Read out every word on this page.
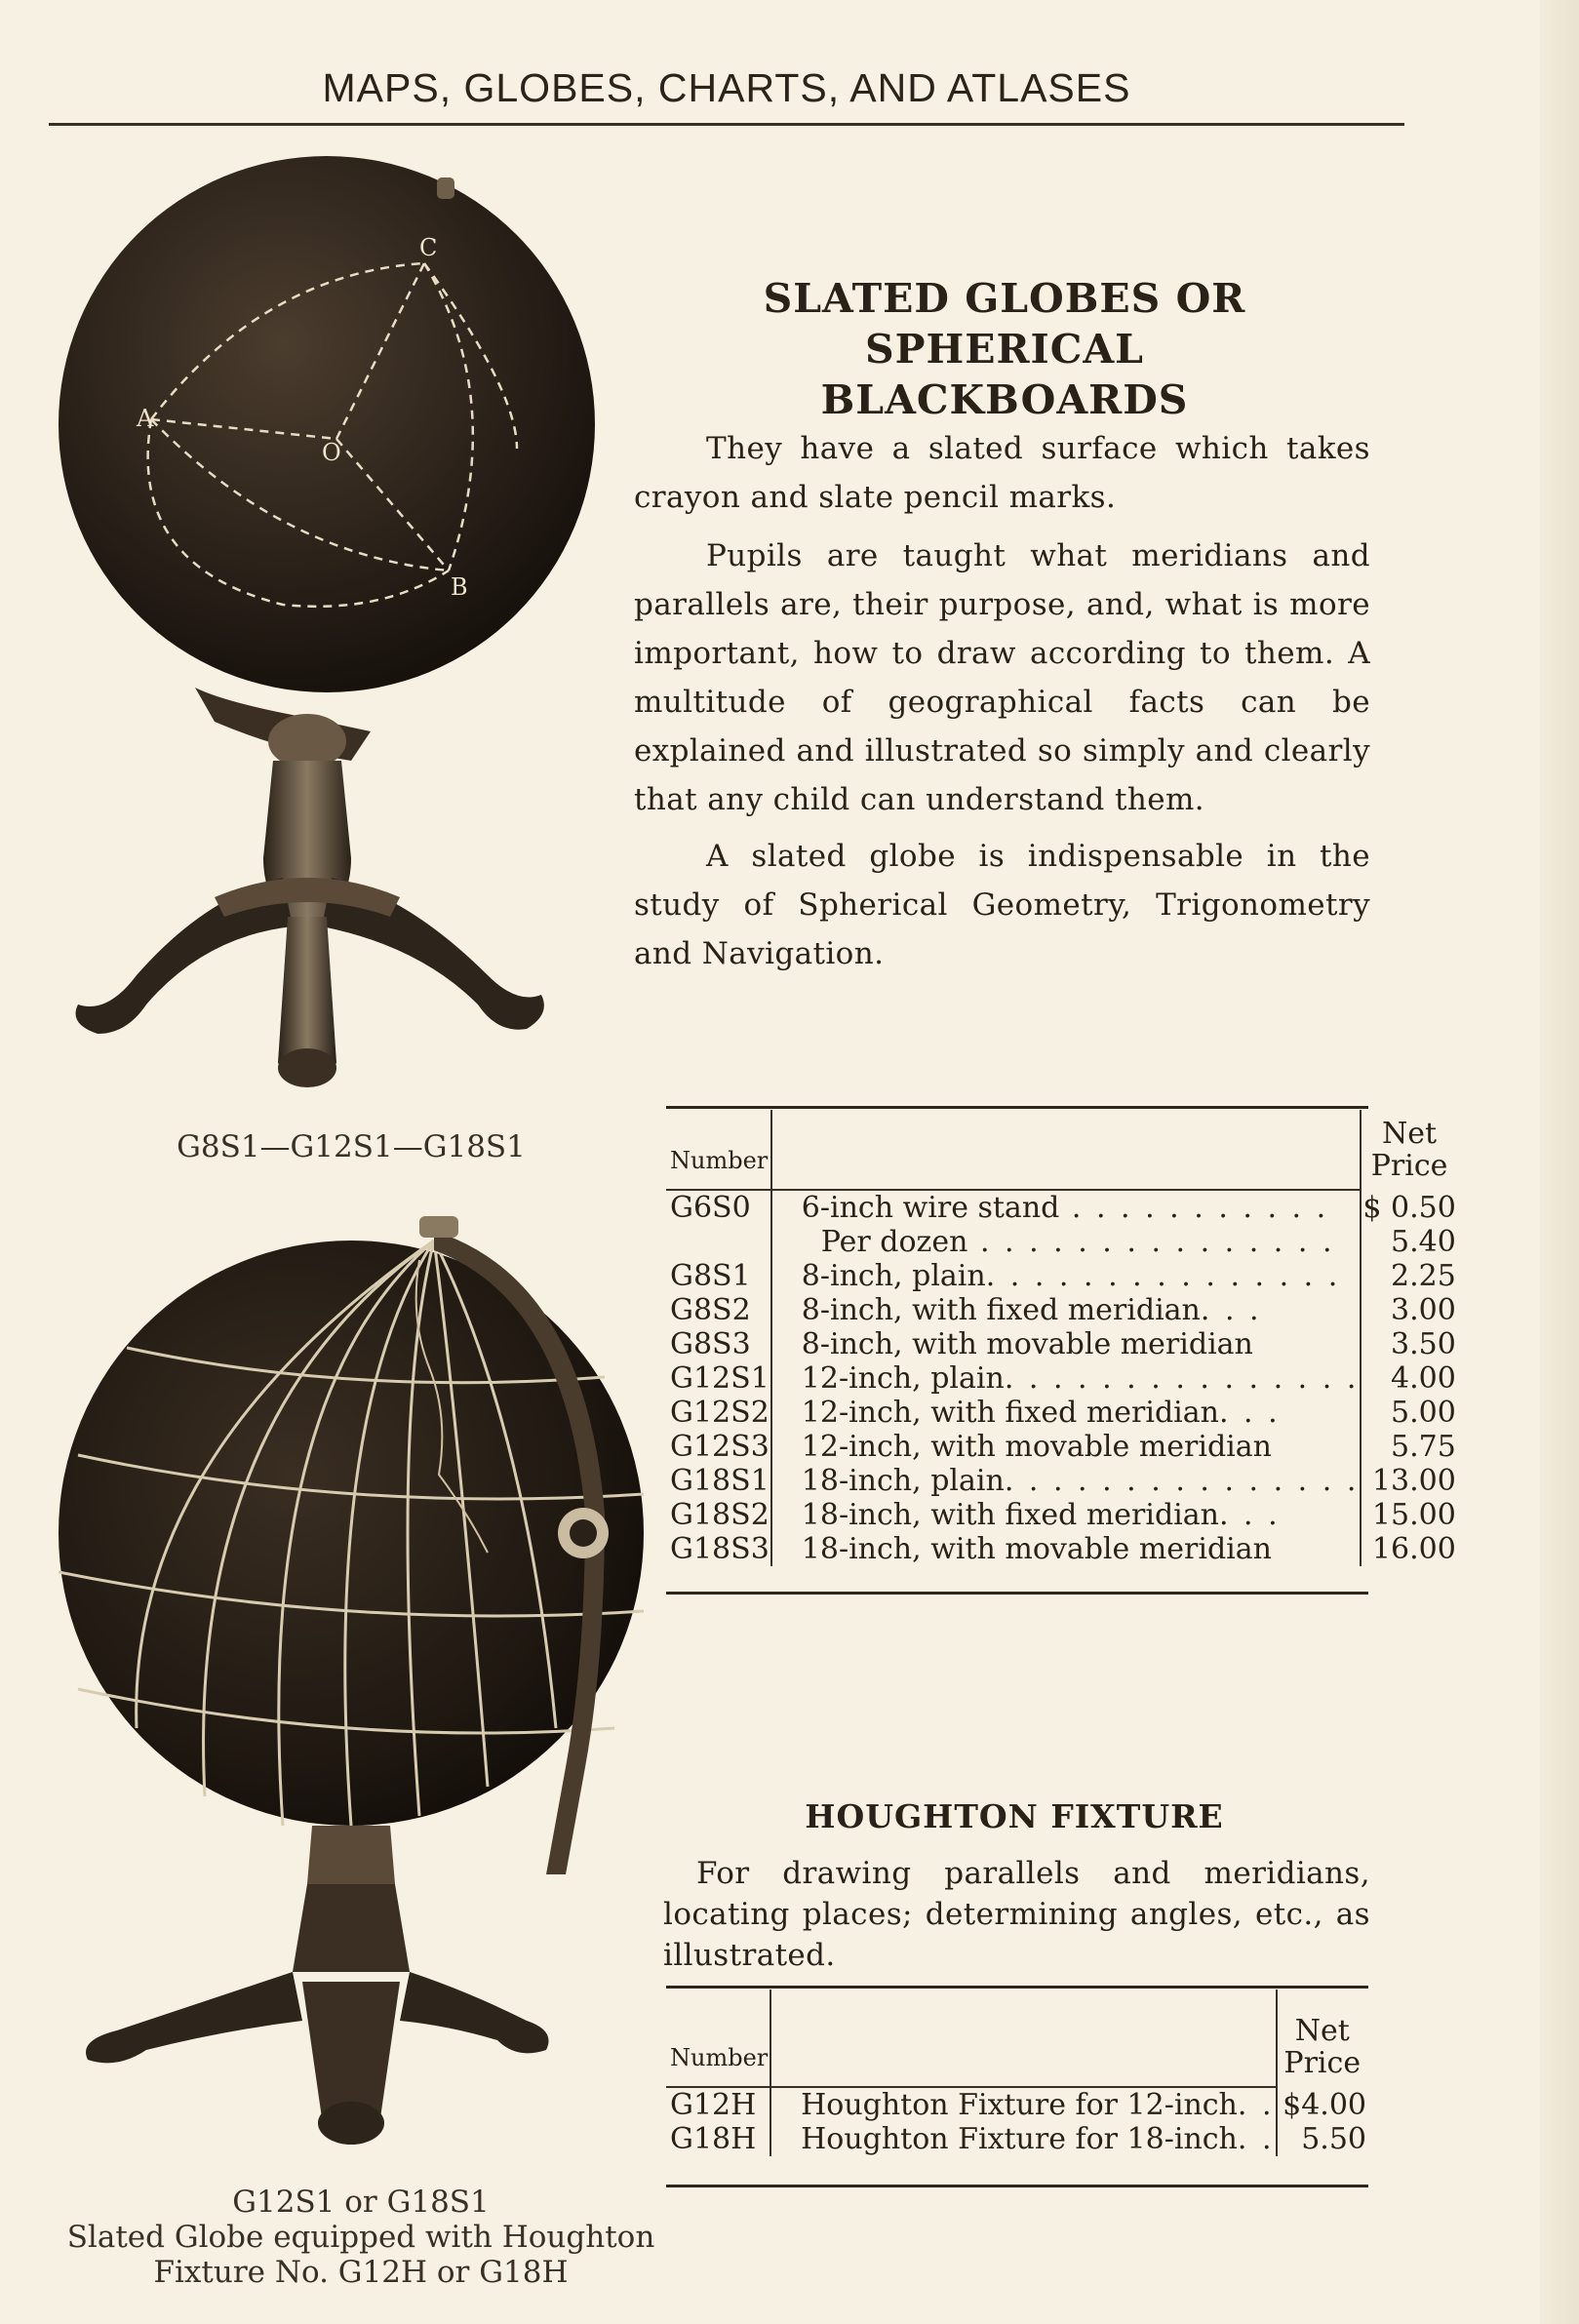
MAPS, GLOBES, CHARTS, AND ATLASES
A
O
C
B
G8S1—G12S1—G18S1
G12S1 or G18S1
Slated Globe equipped with Houghton
Fixture No. G12H or G18H
SLATED GLOBES OR SPHERICAL
BLACKBOARDS

They have a slated surface which takes crayon and slate pencil marks.

Pupils are taught what meridians and parallels are, their purpose, and, what is more important, how to draw according to them. A multitude of geographical facts can be explained and illustrated so simply and clearly that any child can understand them.

A slated globe is indispensable in the study of Spherical Geometry, Trigonometry and Navigation.

Number		Net
Price

G6S0	6-inch wire stand . . . . . . . . . . .	$ 0.50
	Per dozen . . . . . . . . . . . . . . .	5.40
G8S1	8-inch, plain. . . . . . . . . . . . . . .	2.25
G8S2	8-inch, with fixed meridian. . .	3.00
G8S3	8-inch, with movable meridian	3.50
G12S1	12-inch, plain. . . . . . . . . . . . . . .	4.00
G12S2	12-inch, with fixed meridian. . .	5.00
G12S3	12-inch, with movable meridian	5.75
G18S1	18-inch, plain. . . . . . . . . . . . . . .	13.00
G18S2	18-inch, with fixed meridian. . .	15.00
G18S3	18-inch, with movable meridian	16.00
HOUGHTON FIXTURE

For drawing parallels and meridians, locating places; determining angles, etc., as illustrated.

Number		Net
Price

G12H	Houghton Fixture for 12-inch. .	$4.00
G18H	Houghton Fixture for 18-inch. .	5.50
